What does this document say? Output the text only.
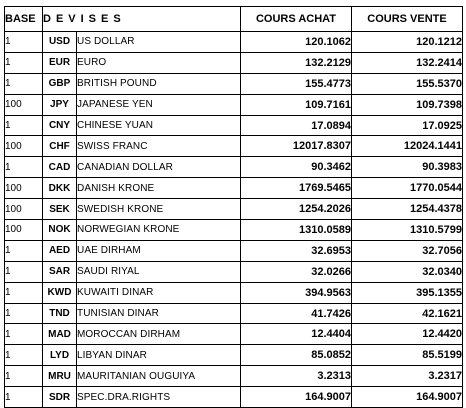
BASE	DEVISES		COURS ACHAT	COURS VENTE
1	USD	US DOLLAR	120.1062	120.1212
1	EUR	EURO	132.2129	132.2414
1	GBP	BRITISH POUND	155.4773	155.5370
100	JPY	JAPANESE YEN	109.7161	109.7398
1	CNY	CHINESE YUAN	17.0894	17.0925
100	CHF	SWISS FRANC	12017.8307	12024.1441
1	CAD	CANADIAN DOLLAR	90.3462	90.3983
100	DKK	DANISH KRONE	1769.5465	1770.0544
100	SEK	SWEDISH KRONE	1254.2026	1254.4378
100	NOK	NORWEGIAN KRONE	1310.0589	1310.5799
1	AED	UAE DIRHAM	32.6953	32.7056
1	SAR	SAUDI RIYAL	32.0266	32.0340
1	KWD	KUWAITI DINAR	394.9563	395.1355
1	TND	TUNISIAN DINAR	41.7426	42.1621
1	MAD	MOROCCAN DIRHAM	12.4404	12.4420
1	LYD	LIBYAN DINAR	85.0852	85.5199
1	MRU	MAURITANIAN OUGUIYA	3.2313	3.2317
1	SDR	SPEC.DRA.RIGHTS	164.9007	164.9007
